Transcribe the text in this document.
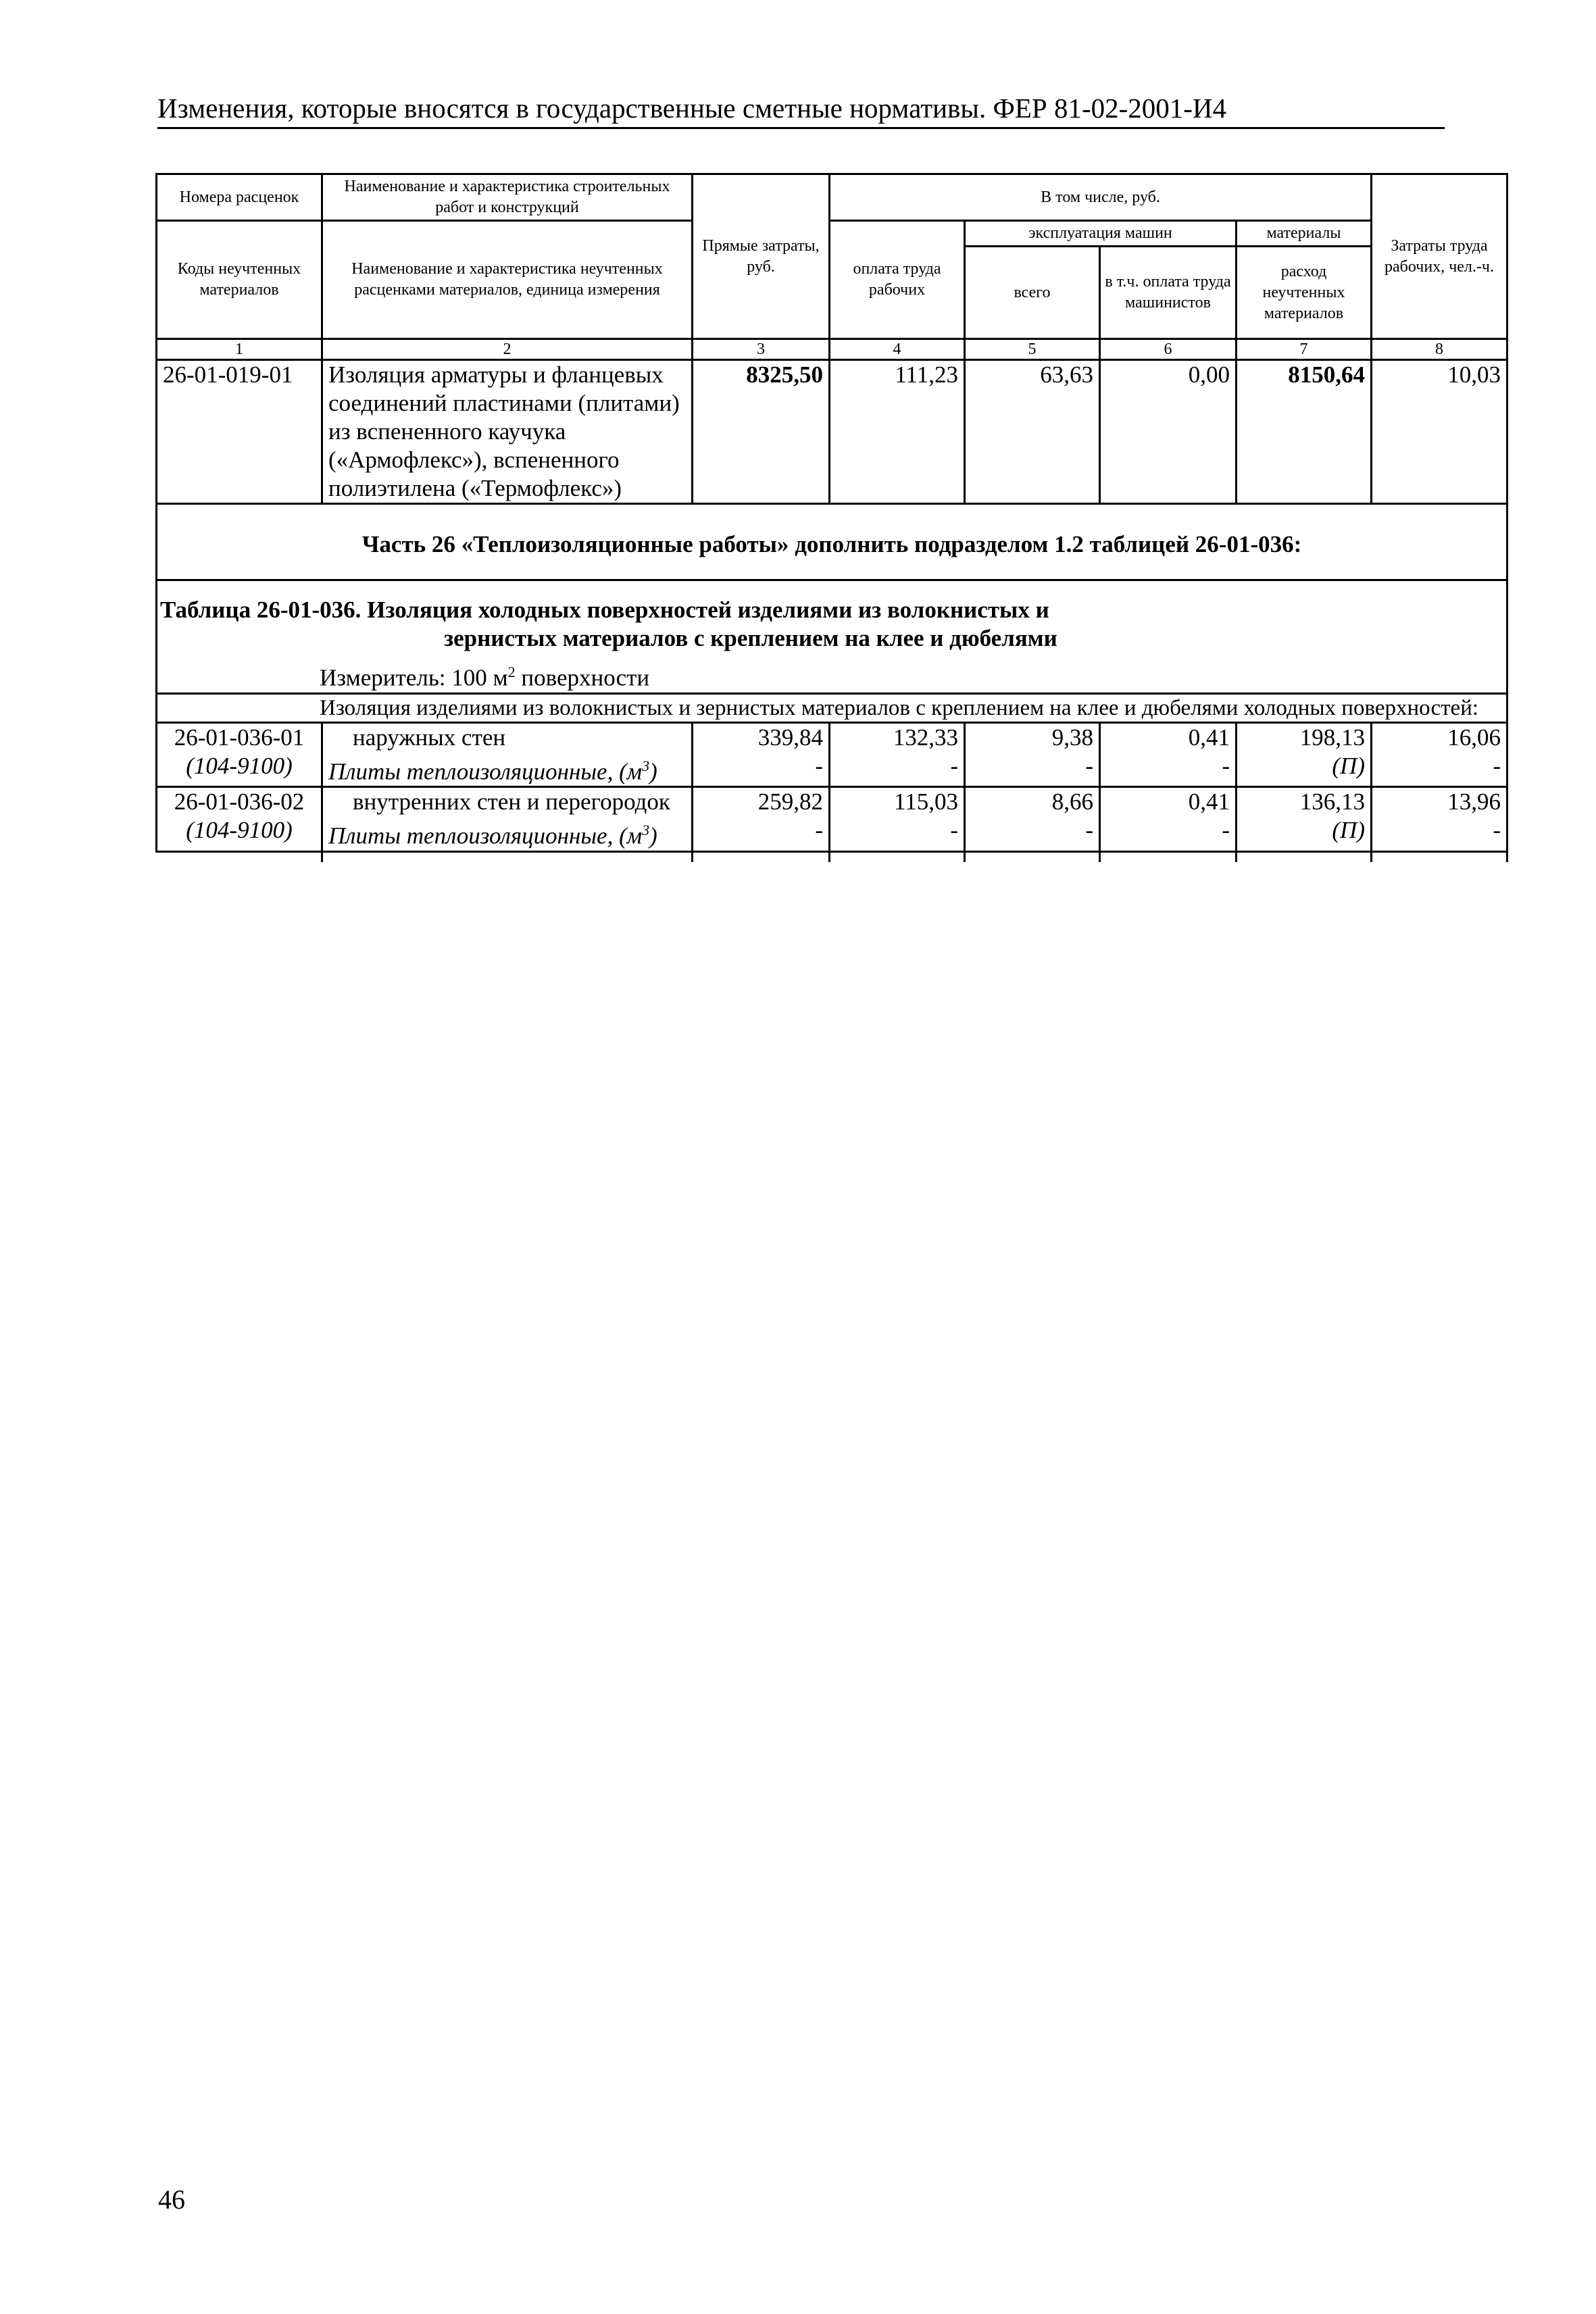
Изменения, которые вносятся в государственные сметные нормативы. ФЕР 81-02-2001-И4
Номера расценок	Наименование и характеристика строительных работ и конструкций	Прямые затраты, руб.	В том числе, руб.				Затраты труда рабочих, чел.-ч.
Коды неучтенных материалов	Наименование и характеристика неучтенных расценками материалов, единица измерения		оплата труда рабочих	эксплуатация машин		материалы	
				всего	в т.ч. оплата труда машинистов	расход неучтенных материалов	
1	2	3	4	5	6	7	8
26-01-019-01	Изоляция арматуры и фланцевых соединений пластинами (плитами) из вспененного каучука («Армофлекс»), вспененного полиэтилена («Термофлекс»)	8325,50	111,23	63,63	0,00	8150,64	10,03
Часть 26 «Теплоизоляционные работы» дополнить подразделом 1.2 таблицей 26-01-036:							
Таблица 26-01-036. Изоляция холодных поверхностей изделиями из волокнистых и
зернистых материалов с креплением на клее и дюбелями							

Измеритель: 100 $м^2$ поверхности							
Изоляция изделиями из волокнистых и зернистых материалов с креплением на клее и дюбелями холодных поверхностей:							
26-01-036-01	наружных стен	339,84	132,33	9,38	0,41	198,13	16,06
(104-9100)	Плиты теплоизоляционные, $(м^3)$	-	-	-	-	(П)	-
26-01-036-02	внутренних стен и перегородок	259,82	115,03	8,66	0,41	136,13	13,96
(104-9100)	Плиты теплоизоляционные, $(м^3)$	-	-	-	-	(П)	-

46
